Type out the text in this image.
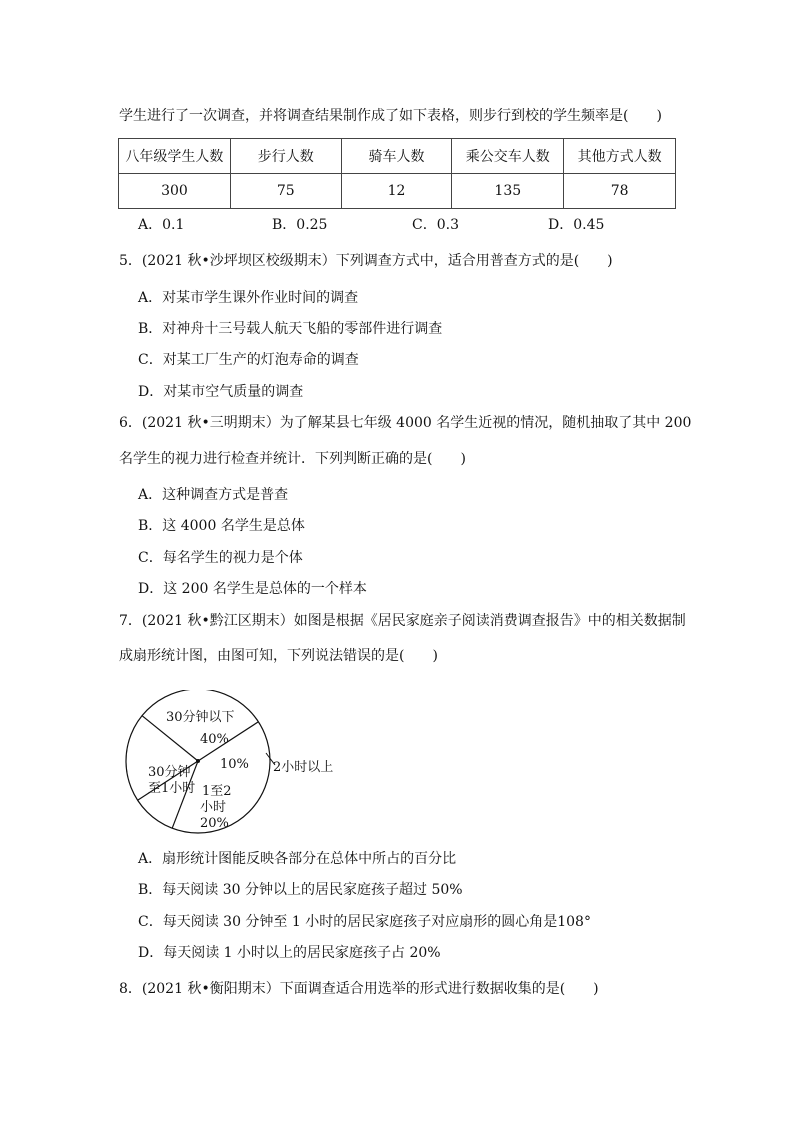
学生进行了一次调查，并将调查结果制作成了如下表格，则步行到校的学生频率是(　　)
八年级学生人数	步行人数	骑车人数	乘公交车人数	其他方式人数
300	75	12	135	78
A．0.1	B．0.25	C．0.3	D．0.45
5．(2021 秋•沙坪坝区校级期末）下列调查方式中，适合用普查方式的是(　　)
A．对某市学生课外作业时间的调查
B．对神舟十三号载人航天飞船的零部件进行调查
C．对某工厂生产的灯泡寿命的调查
D．对某市空气质量的调查
6．(2021 秋•三明期末）为了解某县七年级 4000 名学生近视的情况，随机抽取了其中 200
名学生的视力进行检查并统计．下列判断正确的是(　　)
A．这种调查方式是普查
B．这 4000 名学生是总体
C．每名学生的视力是个体
D．这 200 名学生是总体的一个样本
7．(2021 秋•黔江区期末）如图是根据《居民家庭亲子阅读消费调查报告》中的相关数据制
成扇形统计图，由图可知，下列说法错误的是(　　)
30分钟以下
40%
10% 2小时以上
1至2
小时
20%
30分钟
至1小时
A．扇形统计图能反映各部分在总体中所占的百分比
B．每天阅读 30 分钟以上的居民家庭孩子超过 50%
C．每天阅读 30 分钟至 1 小时的居民家庭孩子对应扇形的圆心角是108°
D．每天阅读 1 小时以上的居民家庭孩子占 20%
8．(2021 秋•衡阳期末）下面调查适合用选举的形式进行数据收集的是(　　)
